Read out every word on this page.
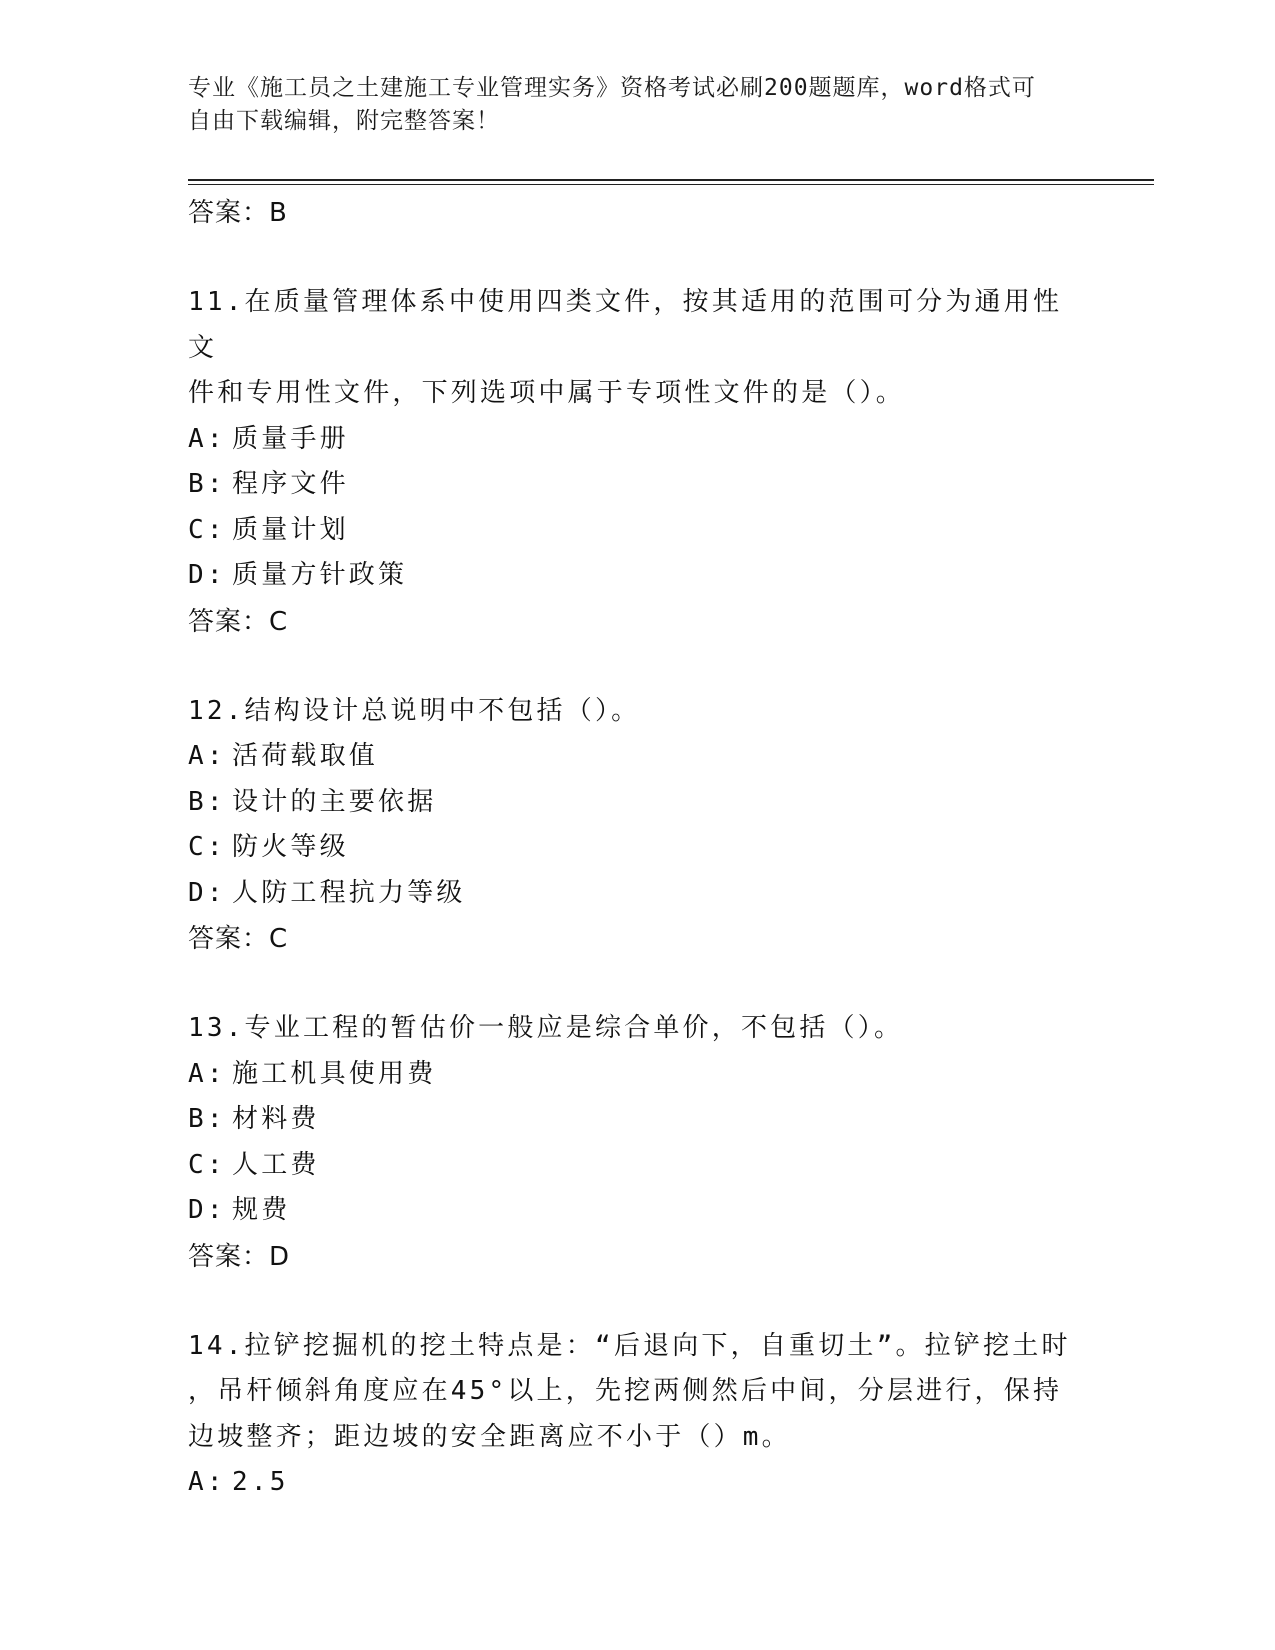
专业《施工员之土建施工专业管理实务》资格考试必刷200题题库，word格式可
自由下载编辑，附完整答案！
答案：B
11.在质量管理体系中使用四类文件，按其适用的范围可分为通用性文
件和专用性文件，下列选项中属于专项性文件的是（）。
A: 质量手册
B: 程序文件
C: 质量计划
D: 质量方针政策
答案：C
12.结构设计总说明中不包括（）。
A: 活荷载取值
B: 设计的主要依据
C: 防火等级
D: 人防工程抗力等级
答案：C
13.专业工程的暂估价一般应是综合单价，不包括（）。
A: 施工机具使用费
B: 材料费
C: 人工费
D: 规费
答案：D
14.拉铲挖掘机的挖土特点是：“后退向下，自重切土”。拉铲挖土时
，吊杆倾斜角度应在45°以上，先挖两侧然后中间，分层进行，保持
边坡整齐；距边坡的安全距离应不小于（）m。
A: 2.5
